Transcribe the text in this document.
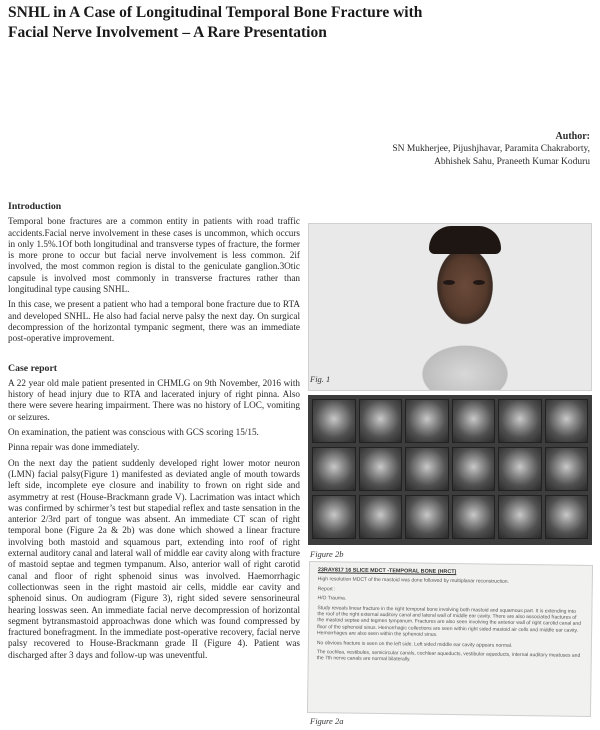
SNHL in A Case of Longitudinal Temporal Bone Fracture with Facial Nerve Involvement – A Rare Presentation
Author:
SN Mukherjee, Pijushjhavar, Paramita Chakraborty,
Abhishek Sahu, Praneeth Kumar Koduru
Introduction

Temporal bone fractures are a common entity in patients with road traffic accidents.Facial nerve involvement in these cases is uncommon, which occurs in only 1.5%.1Of both longitudinal and transverse types of fracture, the former is more prone to occur but facial nerve involvement is less common. 2if involved, the most common region is distal to the geniculate ganglion.3Otic capsule is involved most commonly in transverse fractures rather than longitudinal type causing SNHL.

In this case, we present a patient who had a temporal bone fracture due to RTA and developed SNHL. He also had facial nerve palsy the next day. On surgical decompression of the horizontal tympanic segment, there was an immediate post-operative improvement.

Case report

A 22 year old male patient presented in CHMLG on 9th November, 2016 with history of head injury due to RTA and lacerated injury of right pinna. Also there were severe hearing impairment. There was no history of LOC, vomiting or seizures.

On examination, the patient was conscious with GCS scoring 15/15.

Pinna repair was done immediately.

On the next day the patient suddenly developed right lower motor neuron (LMN) facial palsy(Figure 1) manifested as deviated angle of mouth towards left side, incomplete eye closure and inability to frown on right side and asymmetry at rest (House-Brackmann grade V). Lacrimation was intact which was confirmed by schirmer’s test but stapedial reflex and taste sensation in the anterior 2/3rd part of tongue was absent. An immediate CT scan of right temporal bone (Figure 2a & 2b) was done which showed a linear fracture involving both mastoid and squamous part, extending into roof of right external auditory canal and lateral wall of middle ear cavity along with fracture of mastoid septae and tegmen tympanum. Also, anterior wall of right carotid canal and floor of right sphenoid sinus was involved. Haemorrhagic collectionwas seen in the right mastoid air cells, middle ear cavity and sphenoid sinus. On audiogram (Figure 3), right sided severe sensorineural hearing losswas seen. An immediate facial nerve decompression of horizontal segment bytransmastoid approachwas done which was found compressed by fractured bonefragment. In the immediate post-operative recovery, facial nerve palsy recovered to House-Brackmann grade II (Figure 4). Patient was discharged after 3 days and follow-up was uneventful.

Fig. 1
Figure 2b
23RAY817 16 SLICE MDCT -TEMPORAL BONE (HRCT)
High resolution MDCT of the mastoid was done followed by multiplanar reconstruction.
Report :
H/O Trauma.
Study reveals linear fracture in the right temporal bone involving both mastoid and squamous part. It is extending into the roof of the right external auditory canal and lateral wall of middle ear cavity. There are also associated fractures of the mastoid septae and tegmen tympanum. Fractures are also seen involving the anterior wall of right carotid canal and floor of the sphenoid sinus. Hemorrhagic collections are seen within right sided mastoid air cells and middle ear cavity. Hemorrhages are also seen within the sphenoid sinus.
No obvious fracture is seen on the left side. Left sided middle ear cavity appears normal.
The cochlea, vestibules, semicircular canals, cochlear aqueducts, vestibular aqueducts, internal auditory meatuses and the 7th nerve canals are normal bilaterally.
Figure 2a
